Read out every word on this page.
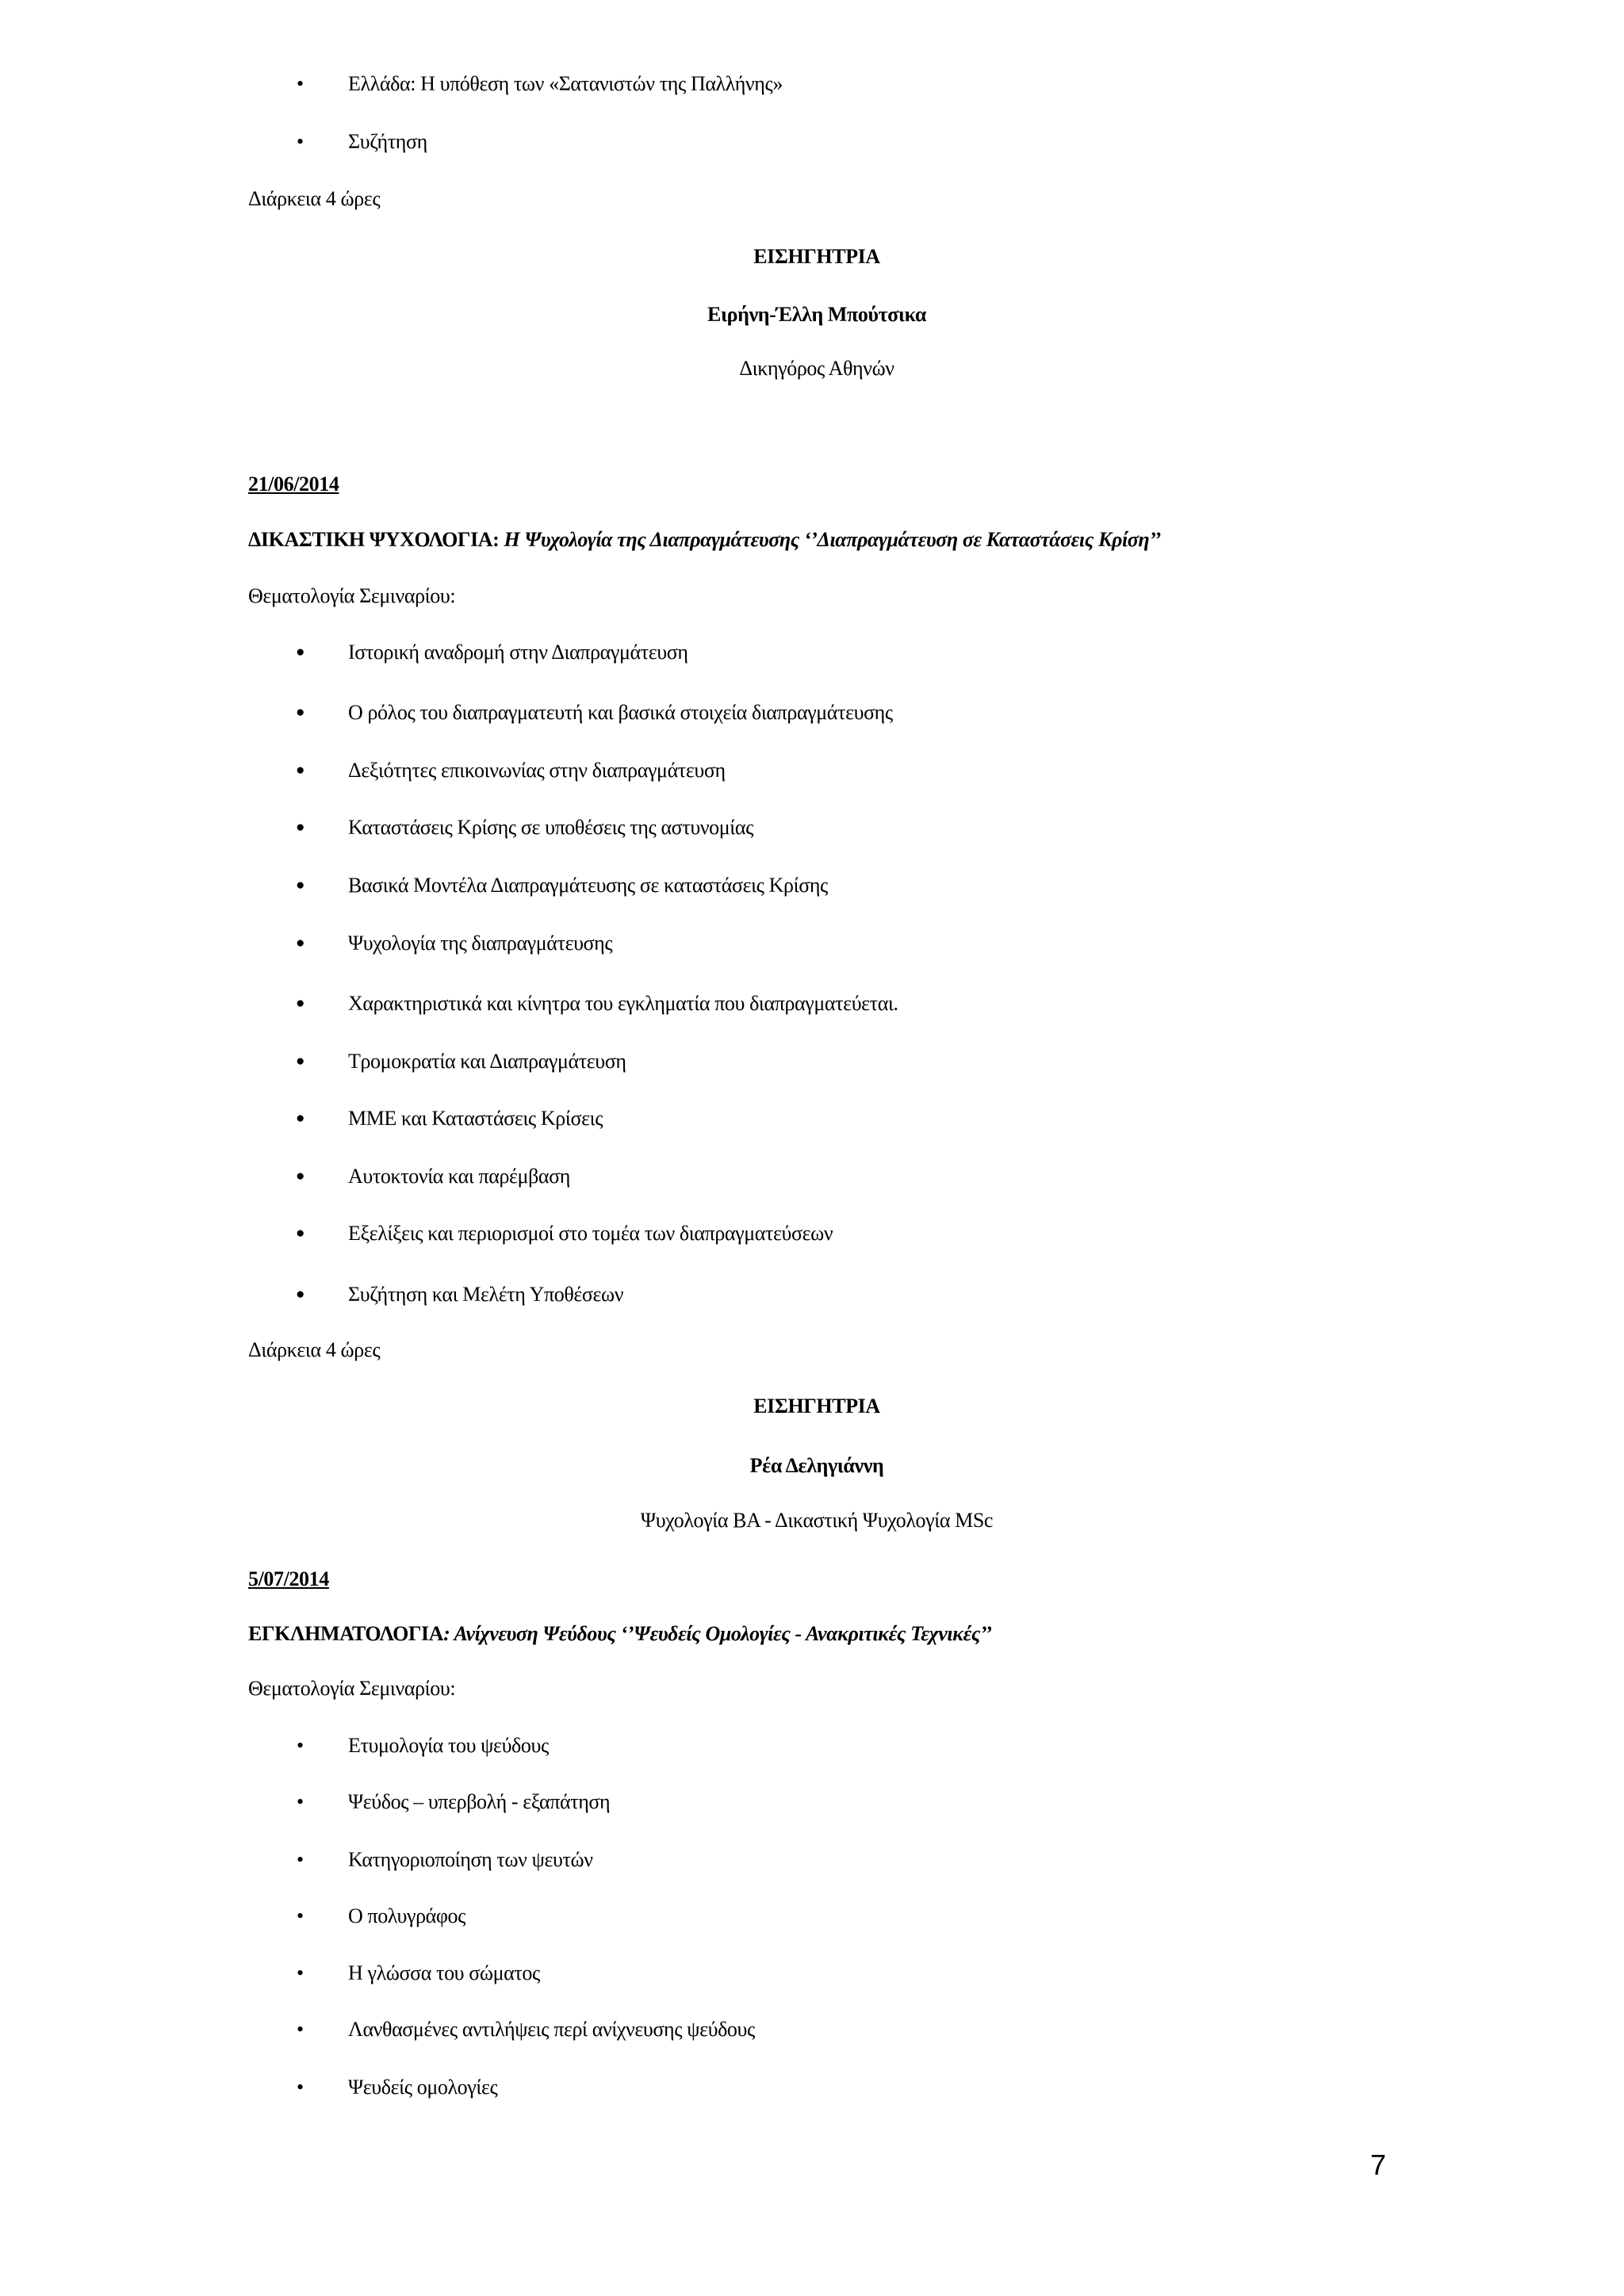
• Ελλάδα: Η υπόθεση των «Σατανιστών της Παλλήνης»
• Συζήτηση
Διάρκεια 4 ώρες
ΕΙΣΗΓΗΤΡΙΑ
Ειρήνη-Έλλη Μπούτσικα
Δικηγόρος Αθηνών
21/06/2014
ΔΙΚΑΣΤΙΚΗ ΨΥΧΟΛΟΓΙΑ: Η Ψυχολογία της Διαπραγμάτευσης ‘’Διαπραγμάτευση σε Καταστάσεις Κρίση’’
Θεματολογία Σεμιναρίου:
● Ιστορική αναδρομή στην Διαπραγμάτευση
● Ο ρόλος του διαπραγματευτή και βασικά στοιχεία διαπραγμάτευσης
● Δεξιότητες επικοινωνίας στην διαπραγμάτευση
● Καταστάσεις Κρίσης σε υποθέσεις της αστυνομίας
● Βασικά Μοντέλα Διαπραγμάτευσης σε καταστάσεις Κρίσης
● Ψυχολογία της διαπραγμάτευσης
● Χαρακτηριστικά και κίνητρα του εγκληματία που διαπραγματεύεται.
● Τρομοκρατία και Διαπραγμάτευση
● ΜΜΕ και Καταστάσεις Κρίσεις
● Αυτοκτονία και παρέμβαση
● Εξελίξεις και περιορισμοί στο τομέα των διαπραγματεύσεων
● Συζήτηση και Μελέτη Υποθέσεων
Διάρκεια 4 ώρες
ΕΙΣΗΓΗΤΡΙΑ
Ρέα Δεληγιάννη
Ψυχολογία ΒΑ - Δικαστική Ψυχολογία MSc
5/07/2014
ΕΓΚΛΗΜΑΤΟΛΟΓΙΑ: Ανίχνευση Ψεύδους ‘’Ψευδείς Ομολογίες - Ανακριτικές Τεχνικές’’
Θεματολογία Σεμιναρίου:
• Ετυμολογία του ψεύδους
• Ψεύδος – υπερβολή - εξαπάτηση
• Κατηγοριοποίηση των ψευτών
• Ο πολυγράφος
• Η γλώσσα του σώματος
• Λανθασμένες αντιλήψεις περί ανίχνευσης ψεύδους
• Ψευδείς ομολογίες
7
